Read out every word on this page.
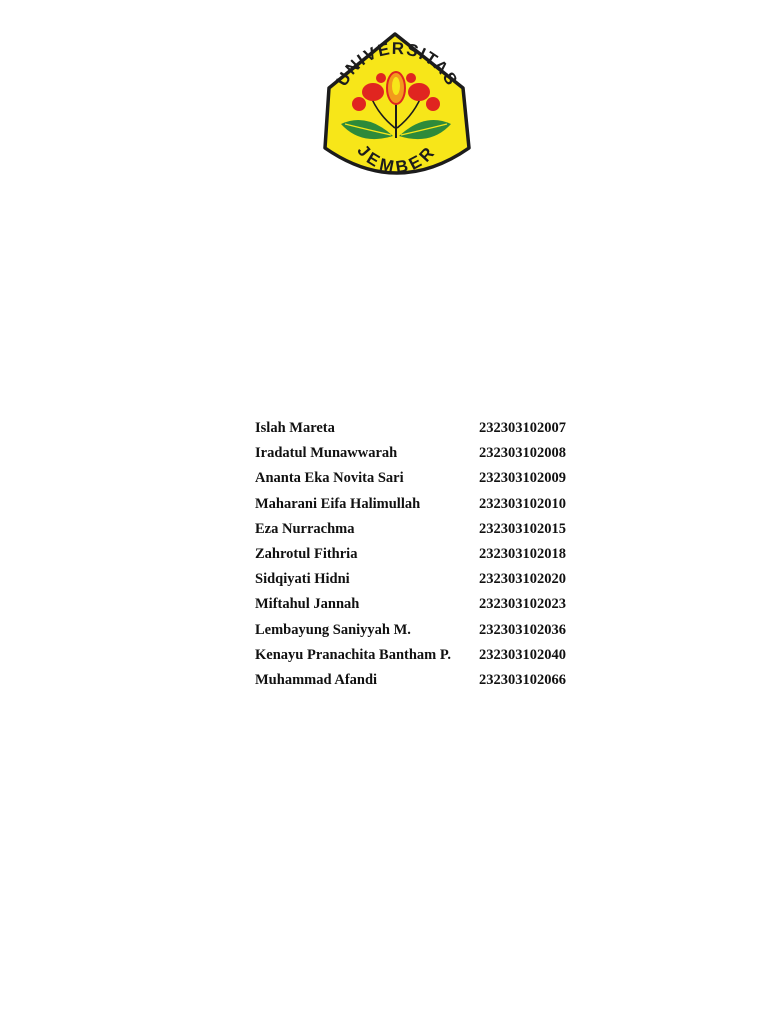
UNIVERSITAS
JEMBER
Islah Mareta	232303102007
Iradatul Munawwarah	232303102008
Ananta Eka Novita Sari	232303102009
Maharani Eifa Halimullah	232303102010
Eza Nurrachma	232303102015
Zahrotul Fithria	232303102018
Sidqiyati Hidni	232303102020
Miftahul Jannah	232303102023
Lembayung Saniyyah M.	232303102036
Kenayu Pranachita Bantham P.	232303102040
Muhammad Afandi	232303102066
